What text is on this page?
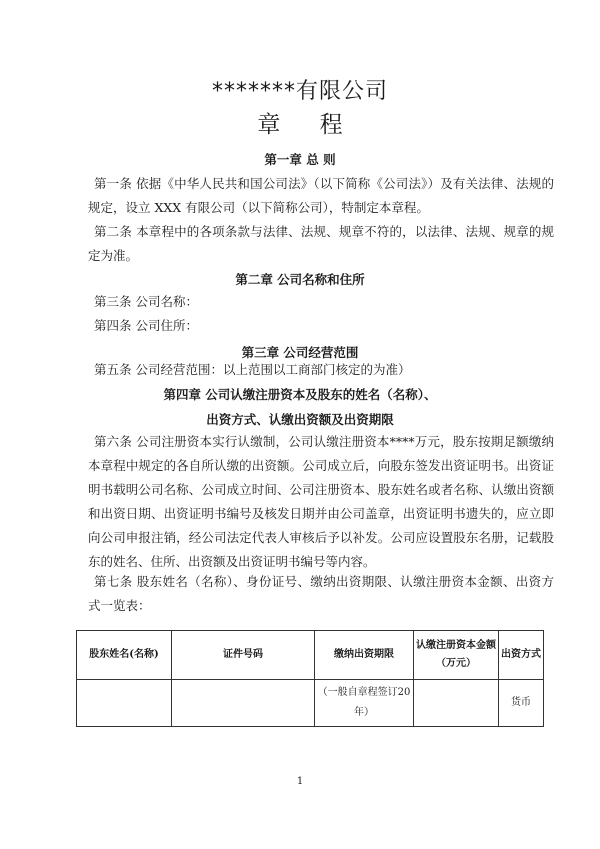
*******有限公司
章 程
第一章 总 则
第一条 依据《中华人民共和国公司法》（以下简称《公司法》）及有关法律、法规的规定，设立 XXX 有限公司（以下简称公司），特制定本章程。
第二条 本章程中的各项条款与法律、法规、规章不符的，以法律、法规、规章的规定为准。
第二章 公司名称和住所
第三条 公司名称：
第四条 公司住所：
第三章 公司经营范围
第五条 公司经营范围：以上范围以工商部门核定的为准）
第四章 公司认缴注册资本及股东的姓名（名称）、
出资方式、认缴出资额及出资期限
第六条 公司注册资本实行认缴制，公司认缴注册资本****万元，股东按期足额缴纳本章程中规定的各自所认缴的出资额。公司成立后，向股东签发出资证明书。出资证明书载明公司名称、公司成立时间、公司注册资本、股东姓名或者名称、认缴出资额和出资日期、出资证明书编号及核发日期并由公司盖章，出资证明书遗失的，应立即向公司申报注销，经公司法定代表人审核后予以补发。公司应设置股东名册，记载股东的姓名、住所、出资额及出资证明书编号等内容。
第七条 股东姓名（名称）、身份证号、缴纳出资期限、认缴注册资本金额、出资方式一览表：
股东姓名(名称)	证件号码	缴纳出资期限	认缴注册资本金额（万元）	出资方式
		（一般自章程签订20年）		货币
1
